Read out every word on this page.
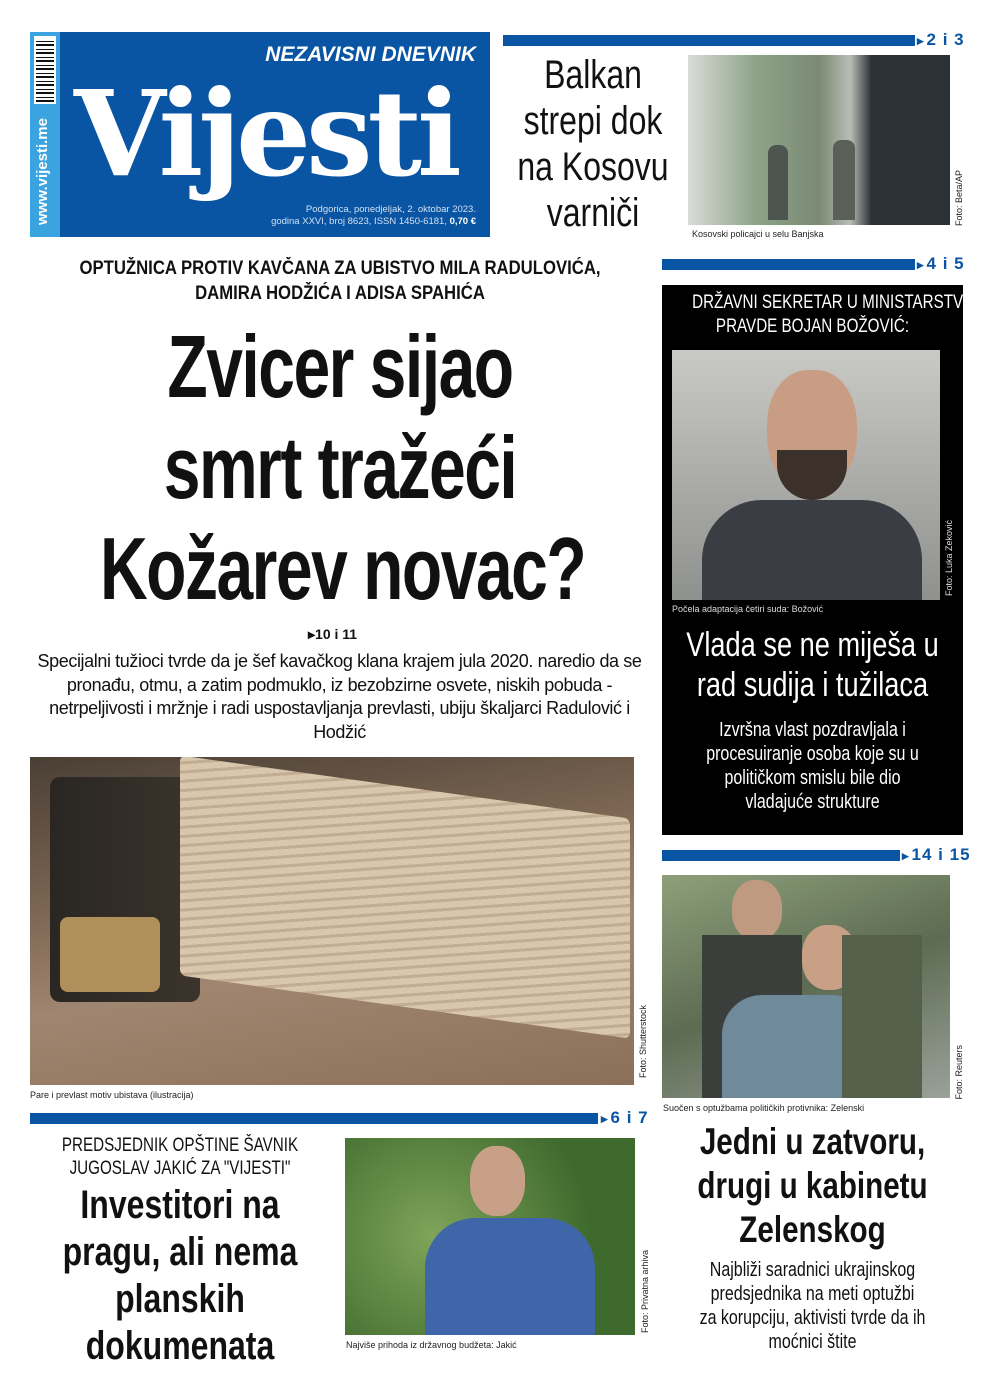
www.vijesti.me
NEZAVISNI DNEVNIK
Vijesti
Podgorica, ponedjeljak, 2. oktobar 2023.
godina XXVI, broj 8623, ISSN 1450-6181, 0,70 €
▸ 2 i 3
Balkan
strepi dok
na Kosovu
varniči	Kosovski policajci u selu Banjska
Foto: Beta/AP
OPTUŽNICA PROTIV KAVČANA ZA UBISTVO MILA RADULOVIĆA,
DAMIRA HODŽIĆA I ADISA SPAHIĆA
Zvicer sijao
smrt tražeći
Kožarev novac?
▸10 i 11
Specijalni tužioci tvrde da je šef kavačkog klana krajem jula 2020. naredio da se pronađu, otmu, a zatim podmuklo, iz bezobzirne osvete, niskih pobuda - netrpeljivosti i mržnje i radi uspostavljanja prevlasti, ubiju škaljarci Radulović i Hodžić
Pare i prevlast motiv ubistava (ilustracija)
Foto: Shutterstock
▸ 6 i 7
PREDSJEDNIK OPŠTINE ŠAVNIK
JUGOSLAV JAKIĆ ZA "VIJESTI"
Investitori na
pragu, ali nema
planskih
dokumenata	Najviše prihoda iz državnog budžeta: Jakić
Foto: Privatna arhiva
▸ 4 i 5
DRŽAVNI SEKRETAR U MINISTARSTVU
PRAVDE BOJAN BOŽOVIĆ:
Počela adaptacija četiri suda: Božović
Foto: Luka Zeković
Vlada se ne miješa u
rad sudija i tužilaca
Izvršna vlast pozdravljala i
procesuiranje osoba koje su u
političkom smislu bile dio
vladajuće strukture
▸ 14 i 15
Suočen s optužbama političkih protivnika: Zelenski
Foto: Reuters
Jedni u zatvoru,
drugi u kabinetu
Zelenskog
Najbliži saradnici ukrajinskog
predsjednika na meti optužbi
za korupciju, aktivisti tvrde da ih
moćnici štite
